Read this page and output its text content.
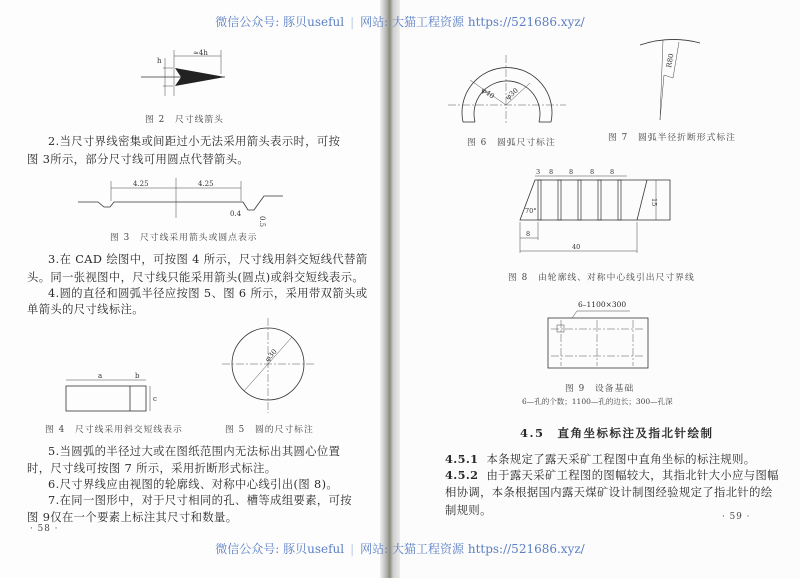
≈4h
h
图 2　尺寸线箭头
2.当尺寸界线密集或间距过小无法采用箭头表示时，可按
图 3所示，部分尺寸线可用圆点代替箭头。
4.25	4.25
0.4
0.5
图 3　尺寸线采用箭头或圆点表示
3.在 CAD 绘图中，可按图 4 所示，尺寸线用斜交短线代替箭
头。同一张视图中，尺寸线只能采用箭头(圆点)或斜交短线表示。
4.圆的直径和圆弧半径应按图 5、图 6 所示，采用带双箭头或
单箭头的尺寸线标注。
a	b
c
图 4　尺寸线采用斜交短线表示
φ30
图 5　圆的尺寸标注
5.当圆弧的半径过大或在图纸范围内无法标出其圆心位置
时，尺寸线可按图 7 所示，采用折断形式标注。
6.尺寸界线应由视图的轮廓线、对称中心线引出(图 8)。
7.在同一图形中，对于尺寸相同的孔、槽等成组要素，可按
图 9仅在一个要素上标注其尺寸和数量。
· 58 ·
φ40 φ30
图 6　圆弧尺寸标注
R80
图 7　圆弧半径折断形式标注
3 8 8	8 8
15
70°
8
40
图 8　由轮廓线、对称中心线引出尺寸界线
6–1100×300
图 9　设备基础
6—孔的个数；1100—孔的边长；300—孔深
4.5　直角坐标标注及指北针绘制
4.5.1 本条规定了露天采矿工程图中直角坐标的标注规则。
4.5.2 由于露天采矿工程图的图幅较大，其指北针大小应与图幅
相协调，本条根据国内露天煤矿设计制图经验规定了指北针的绘
制规则。	· 59 ·
微信公众号: 豚贝useful | 网站: 大猫工程资源 https://521686.xyz/
微信公众号: 豚贝useful | 网站: 大猫工程资源 https://521686.xyz/
